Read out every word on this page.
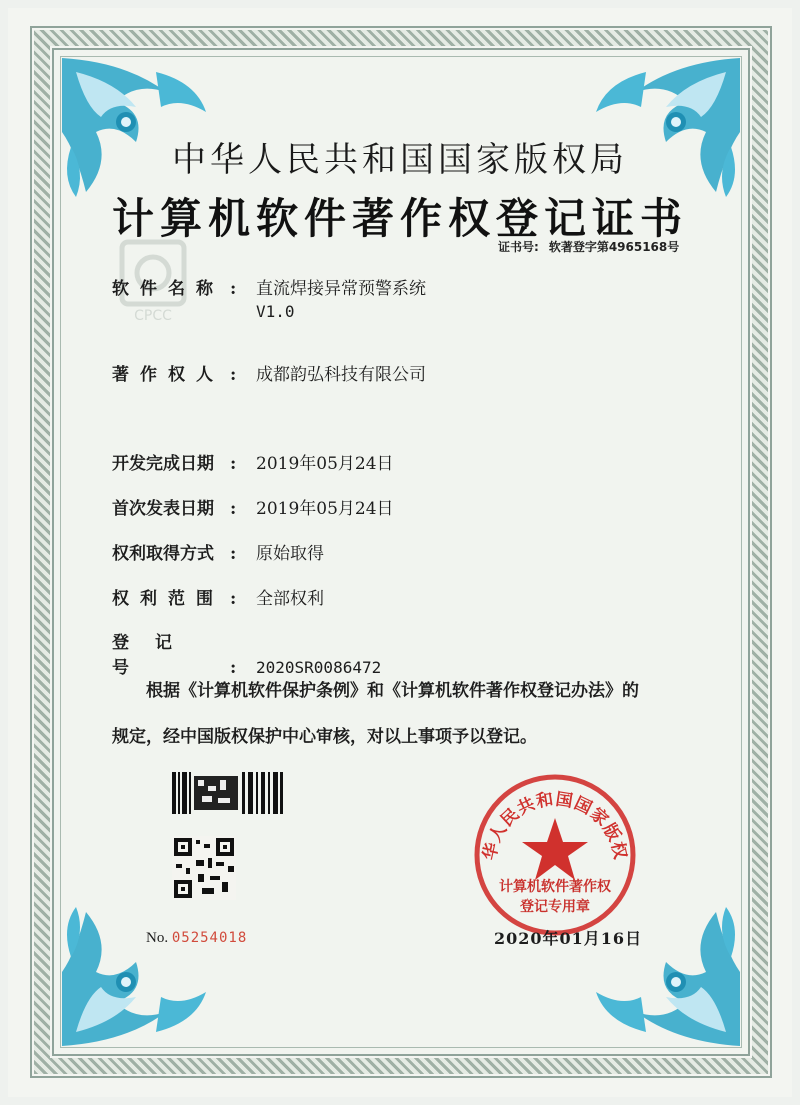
CPCC
中华人民共和国国家版权局
计算机软件著作权登记证书
证书号: 软著登字第4965168号
软件名称 : 直流焊接异常预警系统
V1.0
著作权人 : 成都韵弘科技有限公司
开发完成日期 : 2019年05月24日
首次发表日期 : 2019年05月24日
权利取得方式 : 原始取得
权利范围 : 全部权利
登记号	: 2020SR0086472
根据《计算机软件保护条例》和《计算机软件著作权登记办法》的
规定，经中国版权保护中心审核，对以上事项予以登记。
No. 05254018
华人民共和国国家版权
计算机软件著作权
登记专用章
2020年01月16日
